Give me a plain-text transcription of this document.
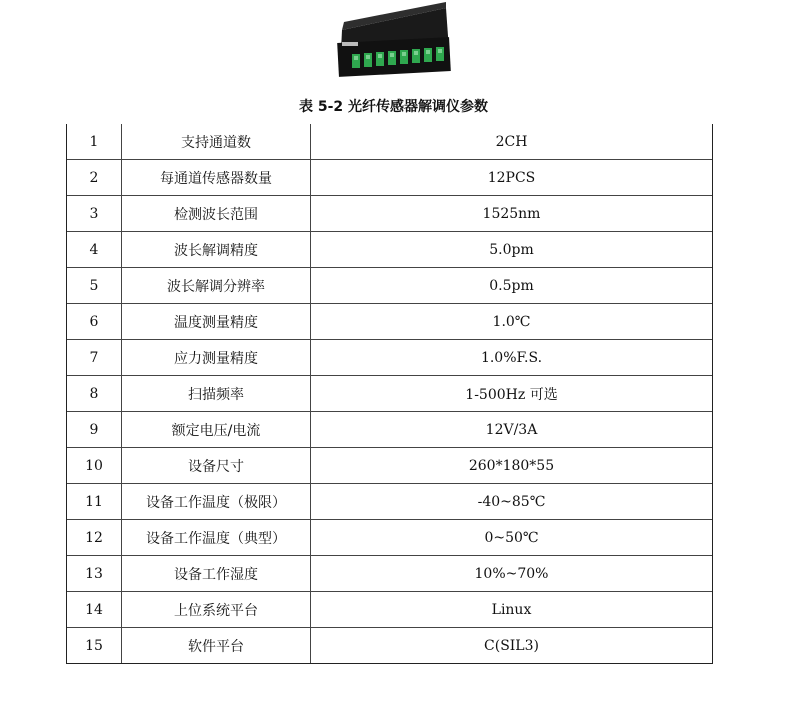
表 5-2 光纤传感器解调仪参数
1	支持通道数	2CH
2	每通道传感器数量	12PCS
3	检测波长范围	1525nm
4	波长解调精度	5.0pm
5	波长解调分辨率	0.5pm
6	温度测量精度	1.0℃
7	应力测量精度	1.0%F.S.
8	扫描频率	1-500Hz 可选
9	额定电压/电流	12V/3A
10	设备尺寸	260*180*55
11	设备工作温度（极限）	-40~85℃
12	设备工作温度（典型）	0~50℃
13	设备工作湿度	10%~70%
14	上位系统平台	Linux
15	软件平台	C(SIL3)
